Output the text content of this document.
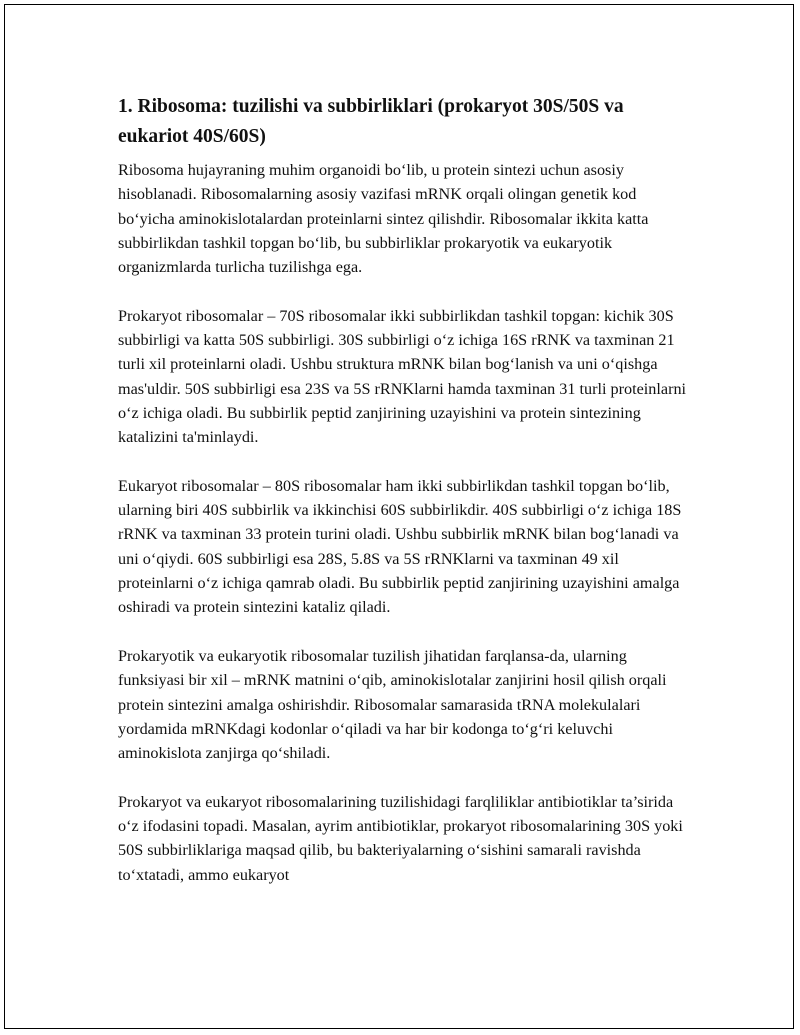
1. Ribosoma: tuzilishi va subbirliklari (prokaryot 30S/50S va eukariot 40S/60S)

Ribosoma hujayraning muhim organoidi bo‘lib, u protein sintezi uchun asosiy hisoblanadi. Ribosomalarning asosiy vazifasi mRNK orqali olingan genetik kod bo‘yicha aminokislotalardan proteinlarni sintez qilishdir. Ribosomalar ikkita katta subbirlikdan tashkil topgan bo‘lib, bu subbirliklar prokaryotik va eukaryotik organizmlarda turlicha tuzilishga ega.

Prokaryot ribosomalar – 70S ribosomalar ikki subbirlikdan tashkil topgan: kichik 30S subbirligi va katta 50S subbirligi. 30S subbirligi o‘z ichiga 16S rRNK va taxminan 21 turli xil proteinlarni oladi. Ushbu struktura mRNK bilan bog‘lanish va uni o‘qishga mas'uldir. 50S subbirligi esa 23S va 5S rRNKlarni hamda taxminan 31 turli proteinlarni o‘z ichiga oladi. Bu subbirlik peptid zanjirining uzayishini va protein sintezining katalizini ta'minlaydi.

Eukaryot ribosomalar – 80S ribosomalar ham ikki subbirlikdan tashkil topgan bo‘lib, ularning biri 40S subbirlik va ikkinchisi 60S subbirlikdir. 40S subbirligi o‘z ichiga 18S rRNK va taxminan 33 protein turini oladi. Ushbu subbirlik mRNK bilan bog‘lanadi va uni o‘qiydi. 60S subbirligi esa 28S, 5.8S va 5S rRNKlarni va taxminan 49 xil proteinlarni o‘z ichiga qamrab oladi. Bu subbirlik peptid zanjirining uzayishini amalga oshiradi va protein sintezini kataliz qiladi.

Prokaryotik va eukaryotik ribosomalar tuzilish jihatidan farqlansa-da, ularning funksiyasi bir xil – mRNK matnini o‘qib, aminokislotalar zanjirini hosil qilish orqali protein sintezini amalga oshirishdir. Ribosomalar samarasida tRNA molekulalari yordamida mRNKdagi kodonlar o‘qiladi va har bir kodonga to‘g‘ri keluvchi aminokislota zanjirga qo‘shiladi.

Prokaryot va eukaryot ribosomalarining tuzilishidagi farqliliklar antibiotiklar ta’sirida o‘z ifodasini topadi. Masalan, ayrim antibiotiklar, prokaryot ribosomalarining 30S yoki 50S subbirliklariga maqsad qilib, bu bakteriyalarning o‘sishini samarali ravishda to‘xtatadi, ammo eukaryot
